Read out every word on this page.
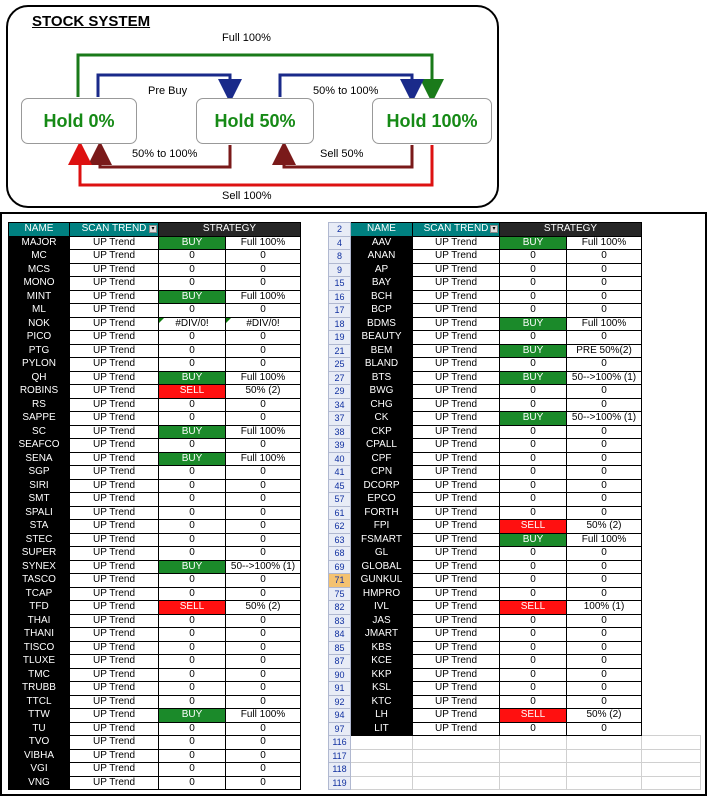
STOCK SYSTEM
Hold 0%	Hold 50%	Hold 100%
Full 100%
Pre Buy	50% to 100%
50% to 100%	Sell 50%
Sell 100%
NAME	SCAN TREND ▾	STRATEGY	
MAJOR	UP Trend	BUY	Full 100%
MC	UP Trend	0	0
MCS	UP Trend	0	0
MONO	UP Trend	0	0
MINT	UP Trend	BUY	Full 100%
ML	UP Trend	0	0
NOK	UP Trend	#DIV/0!	#DIV/0!
PICO	UP Trend	0	0
PTG	UP Trend	0	0
PYLON	UP Trend	0	0
QH	UP Trend	BUY	Full 100%
ROBINS	UP Trend	SELL	50% (2)
RS	UP Trend	0	0
SAPPE	UP Trend	0	0
SC	UP Trend	BUY	Full 100%
SEAFCO	UP Trend	0	0
SENA	UP Trend	BUY	Full 100%
SGP	UP Trend	0	0
SIRI	UP Trend	0	0
SMT	UP Trend	0	0
SPALI	UP Trend	0	0
STA	UP Trend	0	0
STEC	UP Trend	0	0
SUPER	UP Trend	0	0
SYNEX	UP Trend	BUY	50-->100% (1)
TASCO	UP Trend	0	0
TCAP	UP Trend	0	0
TFD	UP Trend	SELL	50% (2)
THAI	UP Trend	0	0
THANI	UP Trend	0	0
TISCO	UP Trend	0	0
TLUXE	UP Trend	0	0
TMC	UP Trend	0	0
TRUBB	UP Trend	0	0
TTCL	UP Trend	0	0
TTW	UP Trend	BUY	Full 100%
TU	UP Trend	0	0
TVO	UP Trend	0	0
VIBHA	UP Trend	0	0
VGI	UP Trend	0	0
VNG	UP Trend	0	0
2	NAME	SCAN TREND ▾	STRATEGY		
4	AAV	UP Trend	BUY	Full 100%	
8	ANAN	UP Trend	0	0	
9	AP	UP Trend	0	0	
15	BAY	UP Trend	0	0	
16	BCH	UP Trend	0	0	
17	BCP	UP Trend	0	0	
18	BDMS	UP Trend	BUY	Full 100%	
19	BEAUTY	UP Trend	0	0	
21	BEM	UP Trend	BUY	PRE 50%(2)	
25	BLAND	UP Trend	0	0	
27	BTS	UP Trend	BUY	50-->100% (1)	
29	BWG	UP Trend	0	0	
34	CHG	UP Trend	0	0	
37	CK	UP Trend	BUY	50-->100% (1)	
38	CKP	UP Trend	0	0	
39	CPALL	UP Trend	0	0	
40	CPF	UP Trend	0	0	
41	CPN	UP Trend	0	0	
45	DCORP	UP Trend	0	0	
57	EPCO	UP Trend	0	0	
61	FORTH	UP Trend	0	0	
62	FPI	UP Trend	SELL	50% (2)	
63	FSMART	UP Trend	BUY	Full 100%	
68	GL	UP Trend	0	0	
69	GLOBAL	UP Trend	0	0	
71	GUNKUL	UP Trend	0	0	
75	HMPRO	UP Trend	0	0	
82	IVL	UP Trend	SELL	100% (1)	
83	JAS	UP Trend	0	0	
84	JMART	UP Trend	0	0	
85	KBS	UP Trend	0	0	
87	KCE	UP Trend	0	0	
90	KKP	UP Trend	0	0	
91	KSL	UP Trend	0	0	
92	KTC	UP Trend	0	0	
94	LH	UP Trend	SELL	50% (2)	
97	LIT	UP Trend	0	0	
116					
117					
118					
119					
